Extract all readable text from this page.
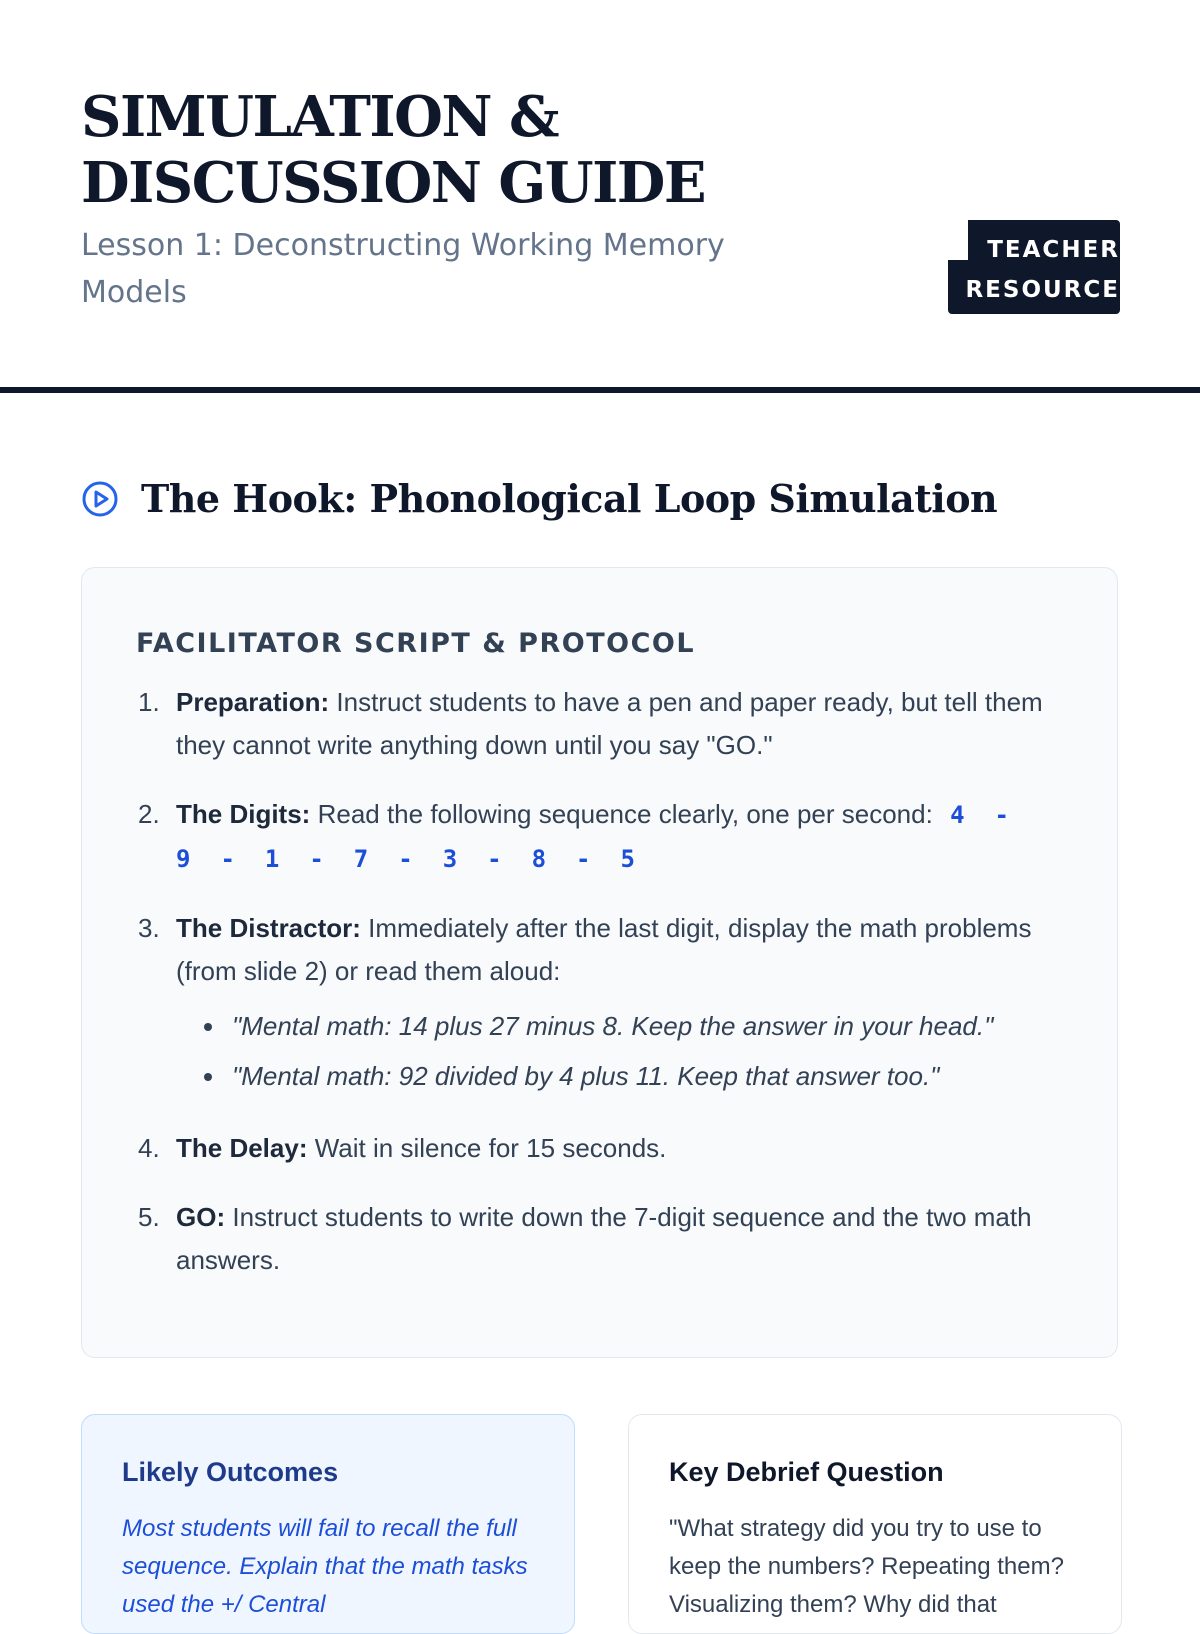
SIMULATION &
DISCUSSION GUIDE
Lesson 1: Deconstructing Working Memory Models
TEACHER RESOURCE
The Hook: Phonological Loop Simulation
FACILITATOR SCRIPT & PROTOCOL
1. Preparation: Instruct students to have a pen and paper ready, but tell them they cannot write anything down until you say "GO."
2. The Digits: Read the following sequence clearly, one per second: 4-9-1-7-3-8-5
3. The Distractor: Immediately after the last digit, display the math problems (from slide 2) or read them aloud:
"Mental math: 14 plus 27 minus 8. Keep the answer in your head."
"Mental math: 92 divided by 4 plus 11. Keep that answer too."
4. The Delay: Wait in silence for 15 seconds.
5. GO: Instruct students to write down the 7-digit sequence and the two math answers.
Likely Outcomes
Most students will fail to recall the full sequence. Explain that the math tasks used the +/ Central
Key Debrief Question
"What strategy did you try to use to keep the numbers? Repeating them? Visualizing them? Why did that
